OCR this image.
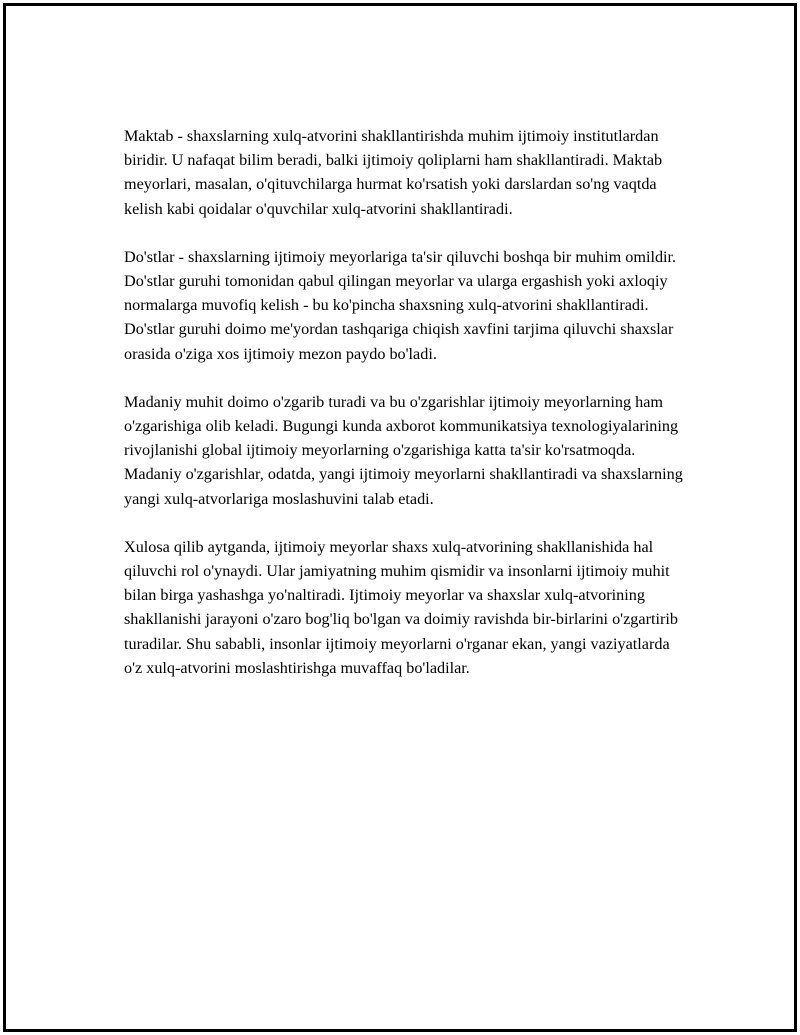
Maktab - shaxslarning xulq-atvorini shakllantirishda muhim ijtimoiy institutlardan biridir. U nafaqat bilim beradi, balki ijtimoiy qoliplarni ham shakllantiradi. Maktab meyorlari, masalan, o'qituvchilarga hurmat ko'rsatish yoki darslardan so'ng vaqtda kelish kabi qoidalar o'quvchilar xulq-atvorini shakllantiradi.

Do'stlar - shaxslarning ijtimoiy meyorlariga ta'sir qiluvchi boshqa bir muhim omildir. Do'stlar guruhi tomonidan qabul qilingan meyorlar va ularga ergashish yoki axloqiy normalarga muvofiq kelish - bu ko'pincha shaxsning xulq-atvorini shakllantiradi. Do'stlar guruhi doimo me'yordan tashqariga chiqish xavfini tarjima qiluvchi shaxslar orasida o'ziga xos ijtimoiy mezon paydo bo'ladi.

Madaniy muhit doimo o'zgarib turadi va bu o'zgarishlar ijtimoiy meyorlarning ham o'zgarishiga olib keladi. Bugungi kunda axborot kommunikatsiya texnologiyalarining rivojlanishi global ijtimoiy meyorlarning o'zgarishiga katta ta'sir ko'rsatmoqda. Madaniy o'zgarishlar, odatda, yangi ijtimoiy meyorlarni shakllantiradi va shaxslarning yangi xulq-atvorlariga moslashuvini talab etadi.

Xulosa qilib aytganda, ijtimoiy meyorlar shaxs xulq-atvorining shakllanishida hal qiluvchi rol o'ynaydi. Ular jamiyatning muhim qismidir va insonlarni ijtimoiy muhit bilan birga yashashga yo'naltiradi. Ijtimoiy meyorlar va shaxslar xulq-atvorining shakllanishi jarayoni o'zaro bog'liq bo'lgan va doimiy ravishda bir-birlarini o'zgartirib turadilar. Shu sababli, insonlar ijtimoiy meyorlarni o'rganar ekan, yangi vaziyatlarda o'z xulq-atvorini moslashtirishga muvaffaq bo'ladilar.
